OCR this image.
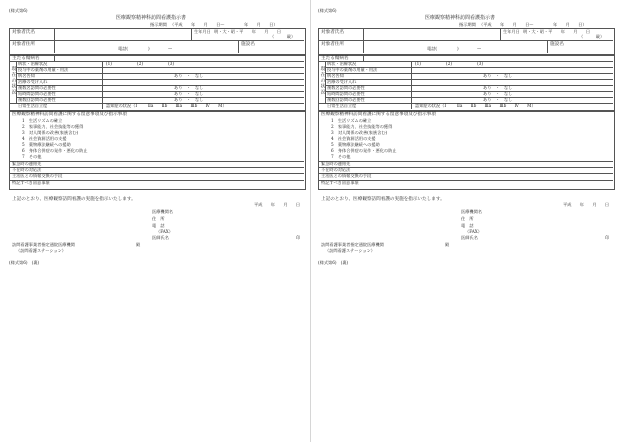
(様式第6)
医療観察精神科訪問看護指示書
指示期間 （平成　　年　　月　　日～	年　　月　　日）
対象者氏名	生年月日 明・大・昭・平　　年　　月　　日
（　　　歳）
対象者住所
電話(	)	—
施設名
主たる傷病名
現在の状況
病状・治療状況	(1)　　　　　　(2)　　　　　　(3)
投与中の薬剤の用量・用法
病名告知	あり　・　なし
治療の受け入れ
複数名訪問の必要性	あり　・　なし
短時間訪問の必要性	あり　・　なし
複数回訪問の必要性	あり　・　なし
日常生活自立度	認知症の状況（Ⅰ	Ⅱa　　Ⅱb　　Ⅲa　　Ⅲb　　Ⅳ　　M）
医療観察精神科訪問看護に関する留意事項及び指示事項
1　生活リズムの確立
2　家事能力、社会技能等の獲得
3　対人関係の改善(家族含む)
4　社会資源活用の支援
5　薬物療法継続への援助
6　身体合併症の発作・悪化の防止
7　その他
緊急時の連絡先
不在時の対応法
主治医との情報交換の手段
特記すべき留意事項
上記のとおり、医療観察訪問看護の実施を指示いたします。
平成　　年　　月　　日
医療機関名
住　所
電　話
（FAX）
医師氏名	印
訪問看護事業者指定通院医療機関	殿
（訪問看護ステーション）
(様式第6)　(裏)
(様式第6)
医療観察精神科訪問看護指示書
指示期間 （平成　　年　　月　　日～	年　　月　　日）
対象者氏名	生年月日 明・大・昭・平　　年　　月　　日
（　　　歳）
対象者住所
電話(	)	—
施設名
主たる傷病名
現在の状況
病状・治療状況	(1)　　　　　　(2)　　　　　　(3)
投与中の薬剤の用量・用法
病名告知	あり　・　なし
治療の受け入れ
複数名訪問の必要性	あり　・　なし
短時間訪問の必要性	あり　・　なし
複数回訪問の必要性	あり　・　なし
日常生活自立度	認知症の状況（Ⅰ	Ⅱa　　Ⅱb　　Ⅲa　　Ⅲb　　Ⅳ　　M）
医療観察精神科訪問看護に関する留意事項及び指示事項
1　生活リズムの確立
2　家事能力、社会技能等の獲得
3　対人関係の改善(家族含む)
4　社会資源活用の支援
5　薬物療法継続への援助
6　身体合併症の発作・悪化の防止
7　その他
緊急時の連絡先
不在時の対応法
主治医との情報交換の手段
特記すべき留意事項
上記のとおり、医療観察訪問看護の実施を指示いたします。
平成　　年　　月　　日
医療機関名
住　所
電　話
（FAX）
医師氏名	印
訪問看護事業者指定通院医療機関	殿
（訪問看護ステーション）
(様式第6)　(裏)
